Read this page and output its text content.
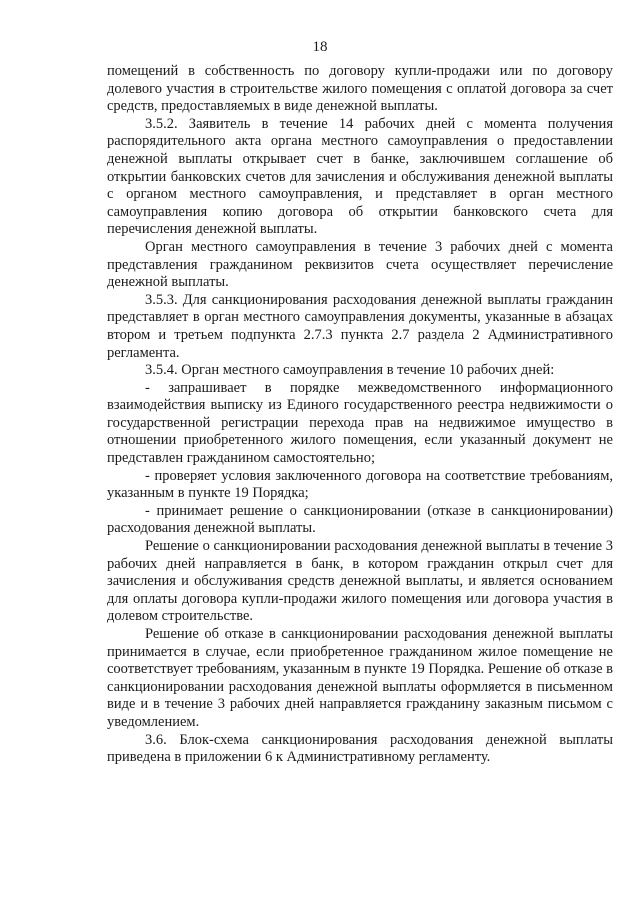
18

помещений в собственность по договору купли-продажи или по договору долевого участия в строительстве жилого помещения с оплатой договора за счет средств, предоставляемых в виде денежной выплаты.

3.5.2. Заявитель в течение 14 рабочих дней с момента получения распорядительного акта органа местного самоуправления о предоставлении денежной выплаты открывает счет в банке, заключившем соглашение об открытии банковских счетов для зачисления и обслуживания денежной выплаты с органом местного самоуправления, и представляет в орган местного самоуправления копию договора об открытии банковского счета для перечисления денежной выплаты.

Орган местного самоуправления в течение 3 рабочих дней с момента представления гражданином реквизитов счета осуществляет перечисление денежной выплаты.

3.5.3. Для санкционирования расходования денежной выплаты гражданин представляет в орган местного самоуправления документы, указанные в абзацах втором и третьем подпункта 2.7.3 пункта 2.7 раздела 2 Административного регламента.

3.5.4. Орган местного самоуправления в течение 10 рабочих дней:

- запрашивает в порядке межведомственного информационного взаимодействия выписку из Единого государственного реестра недвижимости о государственной регистрации перехода прав на недвижимое имущество в отношении приобретенного жилого помещения, если указанный документ не представлен гражданином самостоятельно;

- проверяет условия заключенного договора на соответствие требованиям, указанным в пункте 19 Порядка;

- принимает решение о санкционировании (отказе в санкционировании) расходования денежной выплаты.

Решение о санкционировании расходования денежной выплаты в течение 3 рабочих дней направляется в банк, в котором гражданин открыл счет для зачисления и обслуживания средств денежной выплаты, и является основанием для оплаты договора купли-продажи жилого помещения или договора участия в долевом строительстве.

Решение об отказе в санкционировании расходования денежной выплаты принимается в случае, если приобретенное гражданином жилое помещение не соответствует требованиям, указанным в пункте 19 Порядка. Решение об отказе в санкционировании расходования денежной выплаты оформляется в письменном виде и в течение 3 рабочих дней направляется гражданину заказным письмом с уведомлением.

3.6. Блок-схема санкционирования расходования денежной выплаты приведена в приложении 6 к Административному регламенту.
